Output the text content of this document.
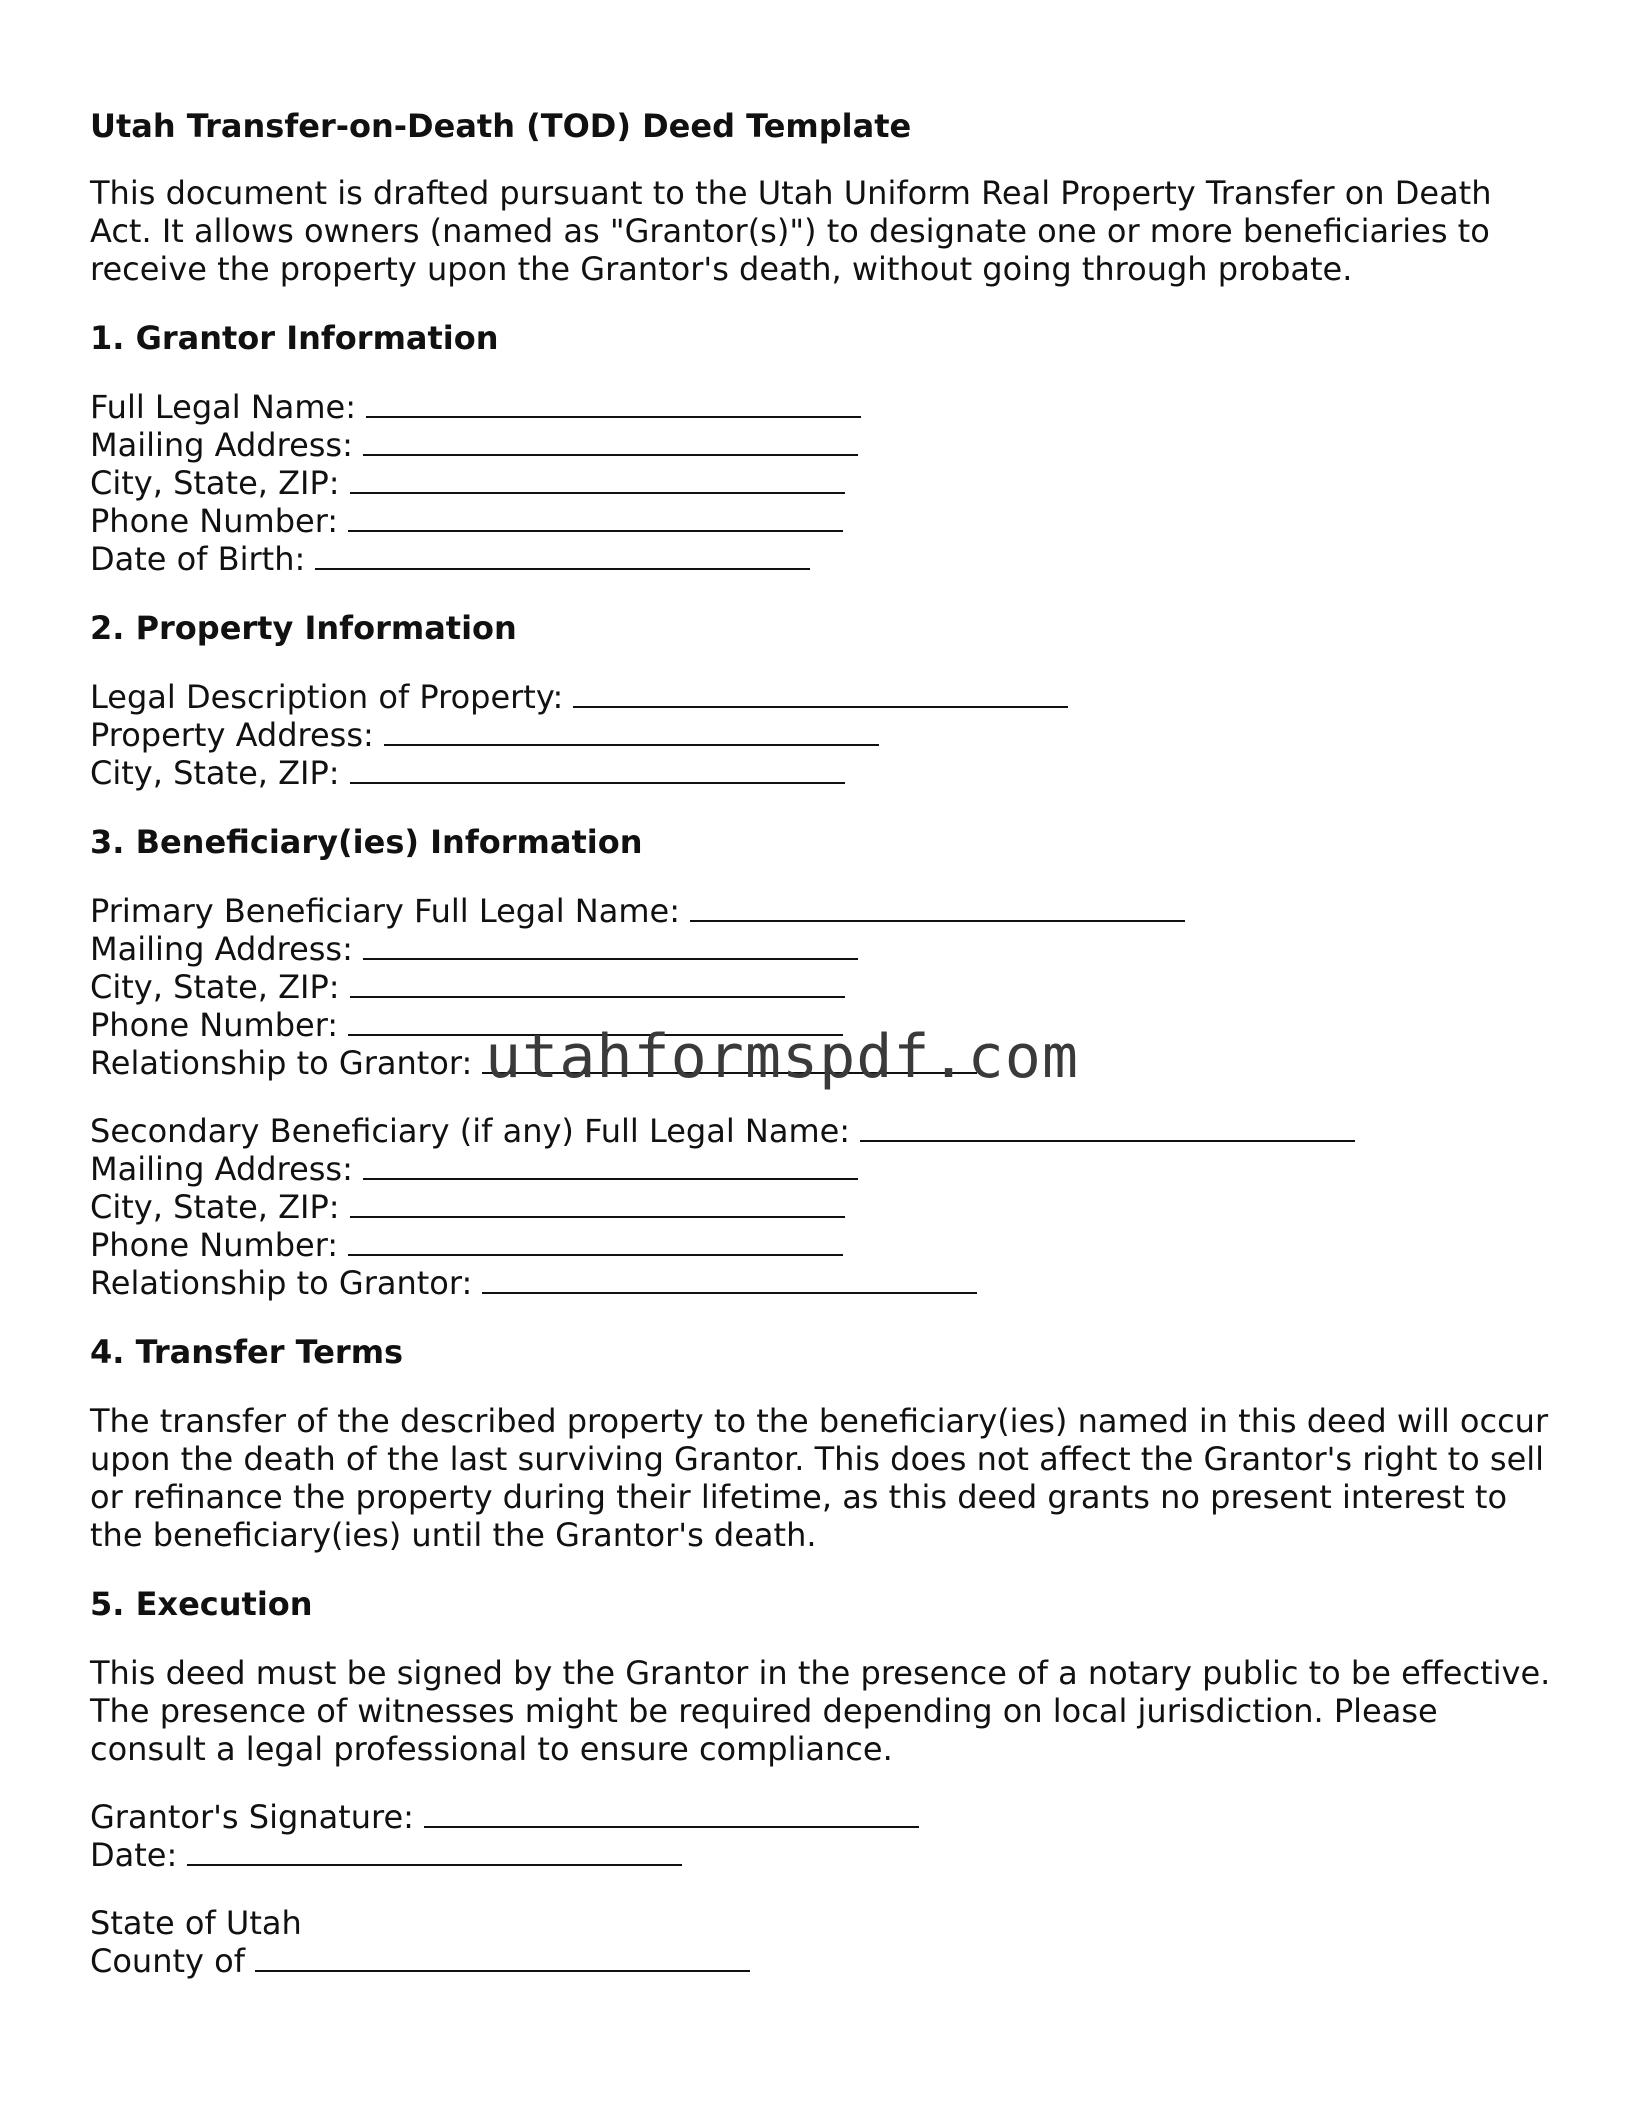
Utah Transfer-on-Death (TOD) Deed Template
This document is drafted pursuant to the Utah Uniform Real Property Transfer on Death Act. It allows owners (named as "Grantor(s)") to designate one or more beneficiaries to receive the property upon the Grantor's death, without going through probate.
1. Grantor Information
Full Legal Name:
Mailing Address:
City, State, ZIP:
Phone Number:
Date of Birth:
2. Property Information
Legal Description of Property:
Property Address:
City, State, ZIP:
3. Beneficiary(ies) Information
Primary Beneficiary Full Legal Name:
Mailing Address:
City, State, ZIP:
Phone Number:
Relationship to Grantor:
Secondary Beneficiary (if any) Full Legal Name:
Mailing Address:
City, State, ZIP:
Phone Number:
Relationship to Grantor:
4. Transfer Terms
The transfer of the described property to the beneficiary(ies) named in this deed will occur upon the death of the last surviving Grantor. This does not affect the Grantor's right to sell or refinance the property during their lifetime, as this deed grants no present interest to the beneficiary(ies) until the Grantor's death.
5. Execution
This deed must be signed by the Grantor in the presence of a notary public to be effective. The presence of witnesses might be required depending on local jurisdiction. Please consult a legal professional to ensure compliance.
Grantor's Signature:
Date:
State of Utah
County of
utahformspdf.com
